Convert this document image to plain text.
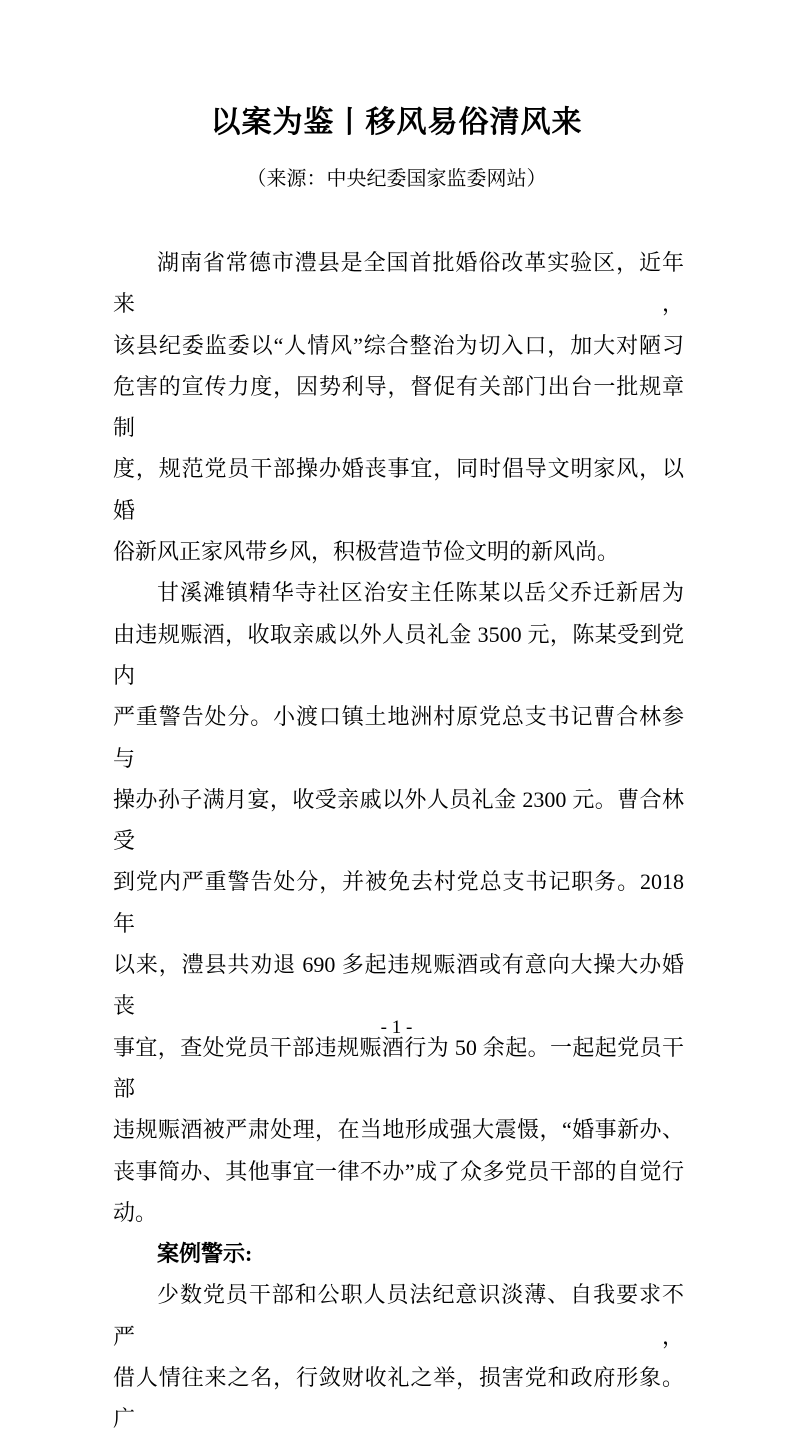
以案为鉴丨移风易俗清风来
（来源：中央纪委国家监委网站）
湖南省常德市澧县是全国首批婚俗改革实验区，近年来，
该县纪委监委以“人情风”综合整治为切入口，加大对陋习
危害的宣传力度，因势利导，督促有关部门出台一批规章制
度，规范党员干部操办婚丧事宜，同时倡导文明家风，以婚
俗新风正家风带乡风，积极营造节俭文明的新风尚。
甘溪滩镇精华寺社区治安主任陈某以岳父乔迁新居为
由违规赈酒，收取亲戚以外人员礼金 3500 元，陈某受到党内
严重警告处分。小渡口镇土地洲村原党总支书记曹合林参与
操办孙子满月宴，收受亲戚以外人员礼金 2300 元。曹合林受
到党内严重警告处分，并被免去村党总支书记职务。2018 年
以来，澧县共劝退 690 多起违规赈酒或有意向大操大办婚丧
事宜，查处党员干部违规赈酒行为 50 余起。一起起党员干部
违规赈酒被严肃处理，在当地形成强大震慑，“婚事新办、
丧事简办、其他事宜一律不办”成了众多党员干部的自觉行
动。
案例警示:
少数党员干部和公职人员法纪意识淡薄、自我要求不严，
借人情往来之名，行敛财收礼之举，损害党和政府形象。广
- 1 -
